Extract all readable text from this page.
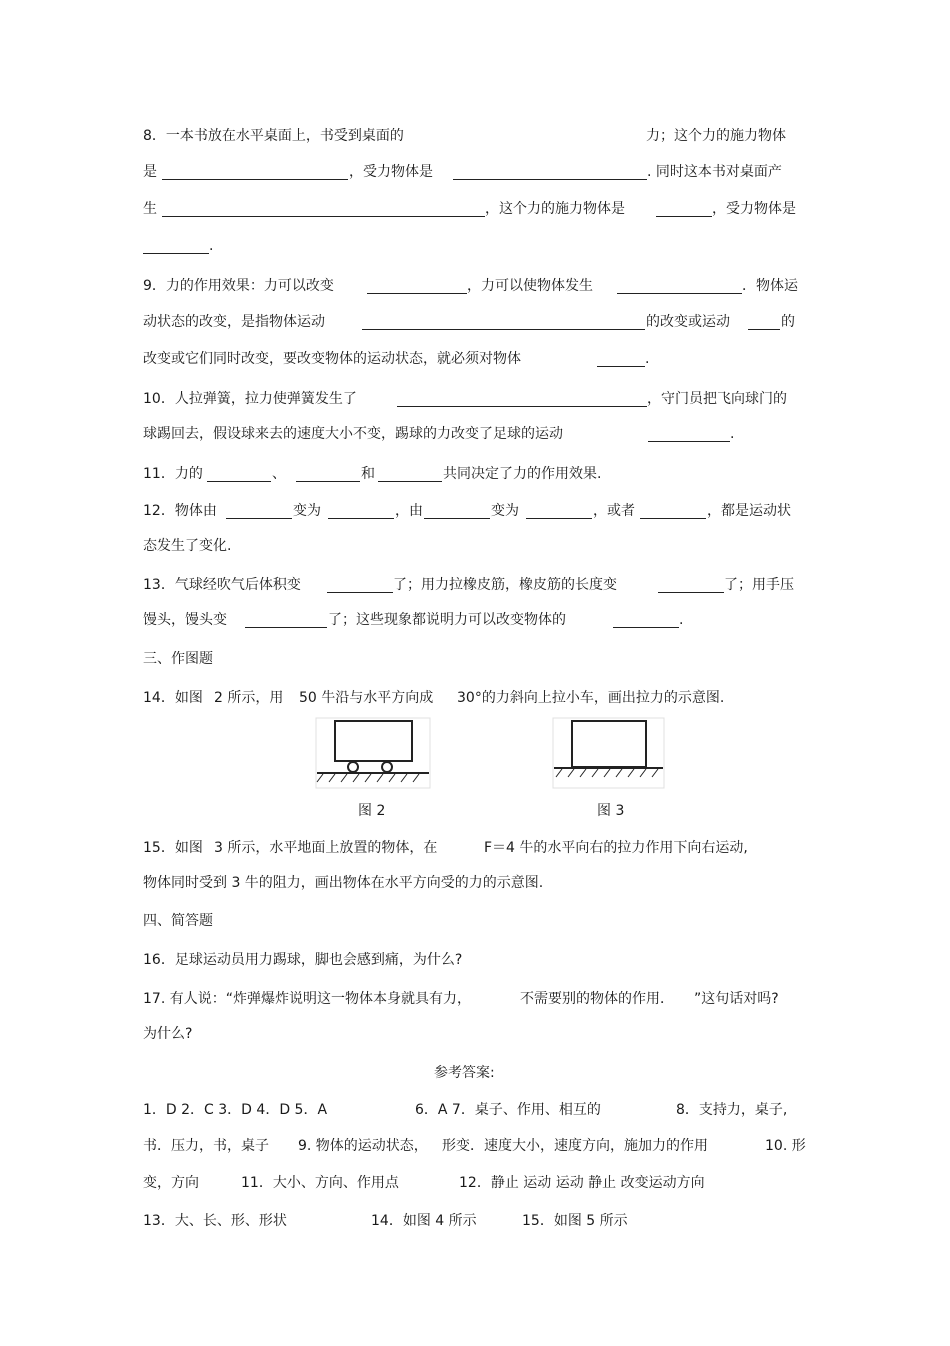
8．一本书放在水平桌面上，书受到桌面的	力；这个力的施力物体
是	，受力物体是	. 同时这本书对桌面产
生	，这个力的施力物体是	，受力物体是
.
9．力的作用效果：力可以改变	，力可以使物体发生	．物体运
动状态的改变，是指物体运动	的改变或运动	的
改变或它们同时改变，要改变物体的运动状态，就必须对物体	.
10．人拉弹簧，拉力使弹簧发生了	，守门员把飞向球门的
球踢回去，假设球来去的速度大小不变，踢球的力改变了足球的运动	.
11．力的	、	和	共同决定了力的作用效果.
12．物体由	变为	，由	变为	，或者	，都是运动状
态发生了变化.
13．气球经吹气后体积变	了；用力拉橡皮筋，橡皮筋的长度变	了；用手压
馒头，馒头变	了；这些现象都说明力可以改变物体的	.
三、作图题
14．如图 2 所示，用 50 牛沿与水平方向成 30°的力斜向上拉小车，画出拉力的示意图.
图 2	图 3
15．如图 3 所示，水平地面上放置的物体，在	F＝4 牛的水平向右的拉力作用下向右运动,
物体同时受到 3 牛的阻力，画出物体在水平方向受的力的示意图.
四、简答题
16．足球运动员用力踢球，脚也会感到痛，为什么?
17. 有人说：“炸弹爆炸说明这一物体本身就具有力，	不需要别的物体的作用． ”这句话对吗?
为什么?
参考答案:
1．D 2．C 3．D 4．D 5．A	6．A 7．桌子、作用、相互的	8．支持力，桌子,
书．压力，书，桌子 9. 物体的运动状态， 形变．速度大小，速度方向，施加力的作用	10. 形
变，方向	11．大小、方向、作用点	12．静止 运动 运动 静止 改变运动方向
13．大、长、形、形状	14．如图 4 所示	15．如图 5 所示
